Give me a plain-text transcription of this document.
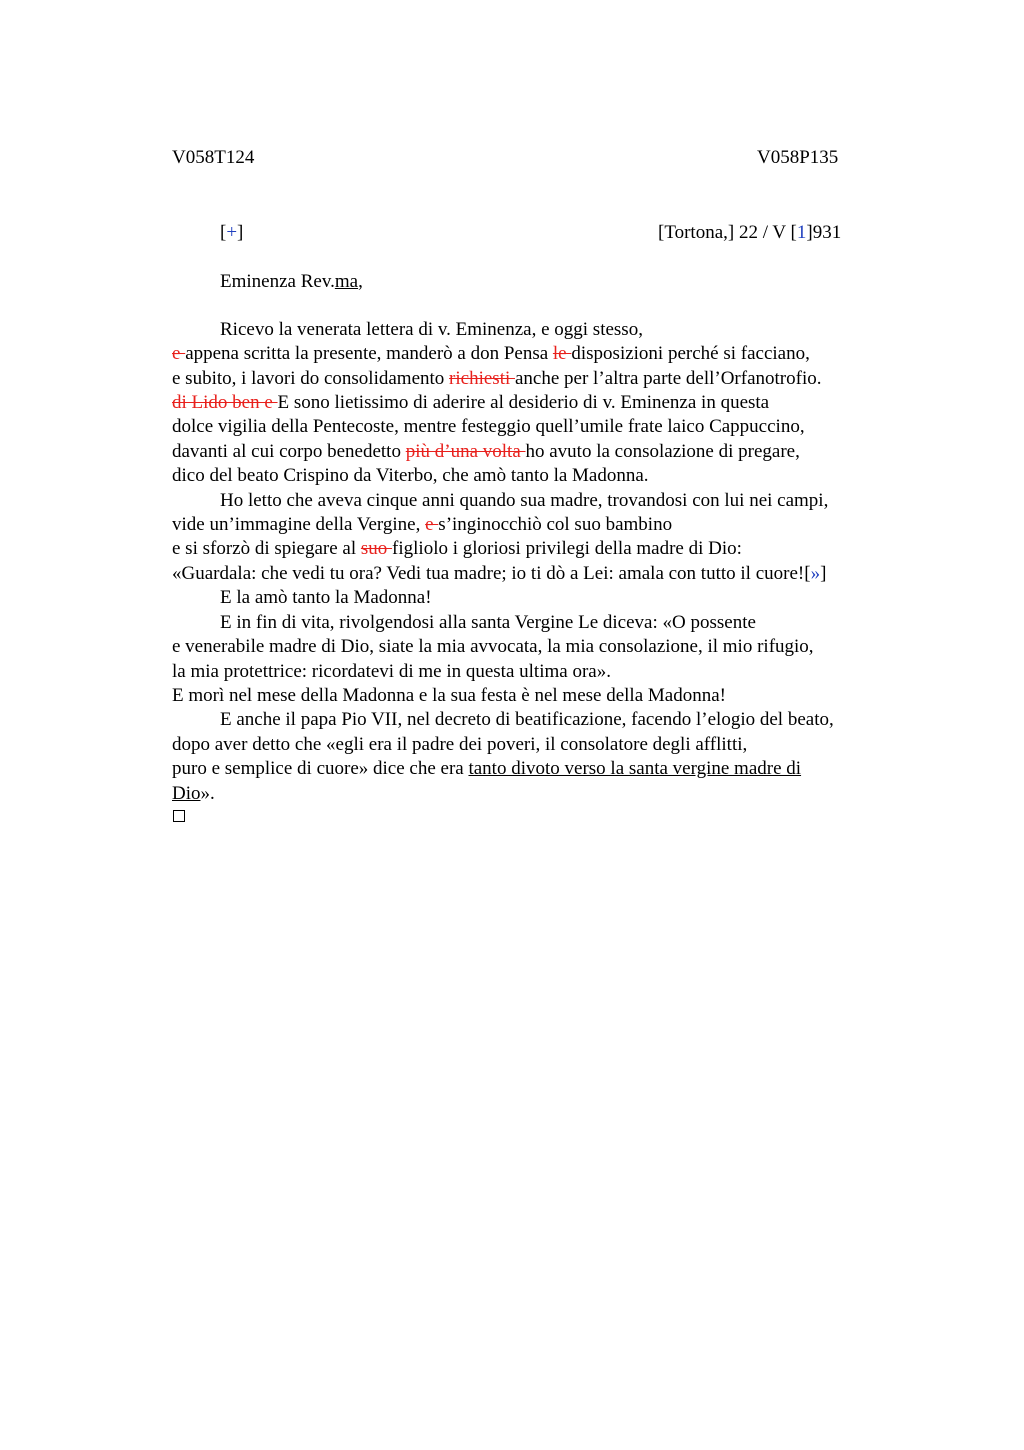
V058T124	V058P135
[+]	[Tortona,] 22 / V [1]931
Eminenza Rev.ma,
Ricevo la venerata lettera di v. Eminenza, e oggi stesso,
e appena scritta la presente, manderò a don Pensa le disposizioni perché si facciano,
e subito, i lavori do consolidamento richiesti anche per l’altra parte dell’Orfanotrofio.
di Lido ben e E sono lietissimo di aderire al desiderio di v. Eminenza in questa
dolce vigilia della Pentecoste, mentre festeggio quell’umile frate laico Cappuccino,
davanti al cui corpo benedetto più d’una volta ho avuto la consolazione di pregare,
dico del beato Crispino da Viterbo, che amò tanto la Madonna.
Ho letto che aveva cinque anni quando sua madre, trovandosi con lui nei campi,
vide un’immagine della Vergine, e s’inginocchiò col suo bambino
e si sforzò di spiegare al suo figliolo i gloriosi privilegi della madre di Dio:
«Guardala: che vedi tu ora? Vedi tua madre; io ti dò a Lei: amala con tutto il cuore![»]
E la amò tanto la Madonna!
E in fin di vita, rivolgendosi alla santa Vergine Le diceva: «O possente
e venerabile madre di Dio, siate la mia avvocata, la mia consolazione, il mio rifugio,
la mia protettrice: ricordatevi di me in questa ultima ora».
E morì nel mese della Madonna e la sua festa è nel mese della Madonna!
E anche il papa Pio VII, nel decreto di beatificazione, facendo l’elogio del beato,
dopo aver detto che «egli era il padre dei poveri, il consolatore degli afflitti,
puro e semplice di cuore» dice che era tanto divoto verso la santa vergine madre di
Dio».
